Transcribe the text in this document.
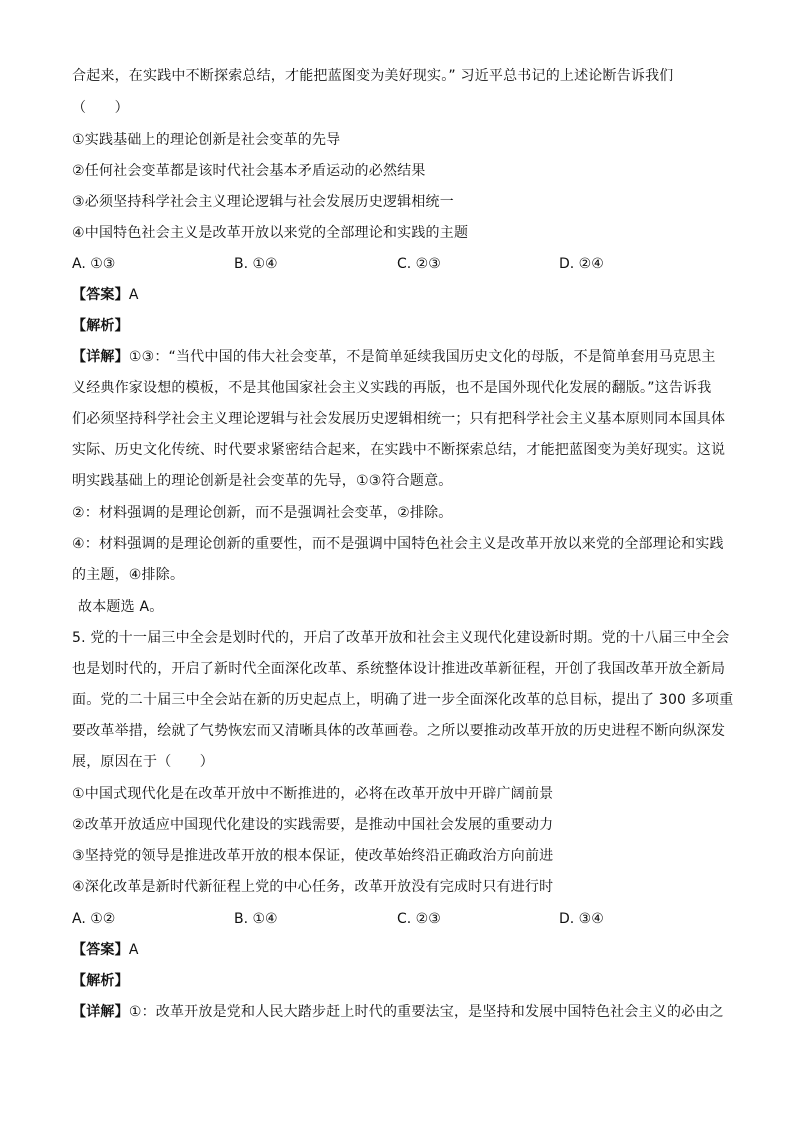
合起来，在实践中不断探索总结，才能把蓝图变为美好现实。” 习近平总书记的上述论断告诉我们
（　　）
①实践基础上的理论创新是社会变革的先导
②任何社会变革都是该时代社会基本矛盾运动的必然结果
③必须坚持科学社会主义理论逻辑与社会发展历史逻辑相统一
④中国特色社会主义是改革开放以来党的全部理论和实践的主题
A. ①③	B. ①④	C. ②③	D. ②④
【答案】A
【解析】
【详解】①③：“当代中国的伟大社会变革，不是简单延续我国历史文化的母版，不是简单套用马克思主
义经典作家设想的模板，不是其他国家社会主义实践的再版，也不是国外现代化发展的翻版。”这告诉我
们必须坚持科学社会主义理论逻辑与社会发展历史逻辑相统一；只有把科学社会主义基本原则同本国具体
实际、历史文化传统、时代要求紧密结合起来，在实践中不断探索总结，才能把蓝图变为美好现实。这说
明实践基础上的理论创新是社会变革的先导，①③符合题意。
②：材料强调的是理论创新，而不是强调社会变革，②排除。
④：材料强调的是理论创新的重要性，而不是强调中国特色社会主义是改革开放以来党的全部理论和实践
的主题，④排除。
故本题选 A。
5. 党的十一届三中全会是划时代的，开启了改革开放和社会主义现代化建设新时期。党的十八届三中全会
也是划时代的，开启了新时代全面深化改革、系统整体设计推进改革新征程，开创了我国改革开放全新局
面。党的二十届三中全会站在新的历史起点上，明确了进一步全面深化改革的总目标，提出了 300 多项重
要改革举措，绘就了气势恢宏而又清晰具体的改革画卷。之所以要推动改革开放的历史进程不断向纵深发
展，原因在于（　　）
①中国式现代化是在改革开放中不断推进的，必将在改革开放中开辟广阔前景
②改革开放适应中国现代化建设的实践需要，是推动中国社会发展的重要动力
③坚持党的领导是推进改革开放的根本保证，使改革始终沿正确政治方向前进
④深化改革是新时代新征程上党的中心任务，改革开放没有完成时只有进行时
A. ①②	B. ①④	C. ②③	D. ③④
【答案】A
【解析】
【详解】①：改革开放是党和人民大踏步赶上时代的重要法宝，是坚持和发展中国特色社会主义的必由之
